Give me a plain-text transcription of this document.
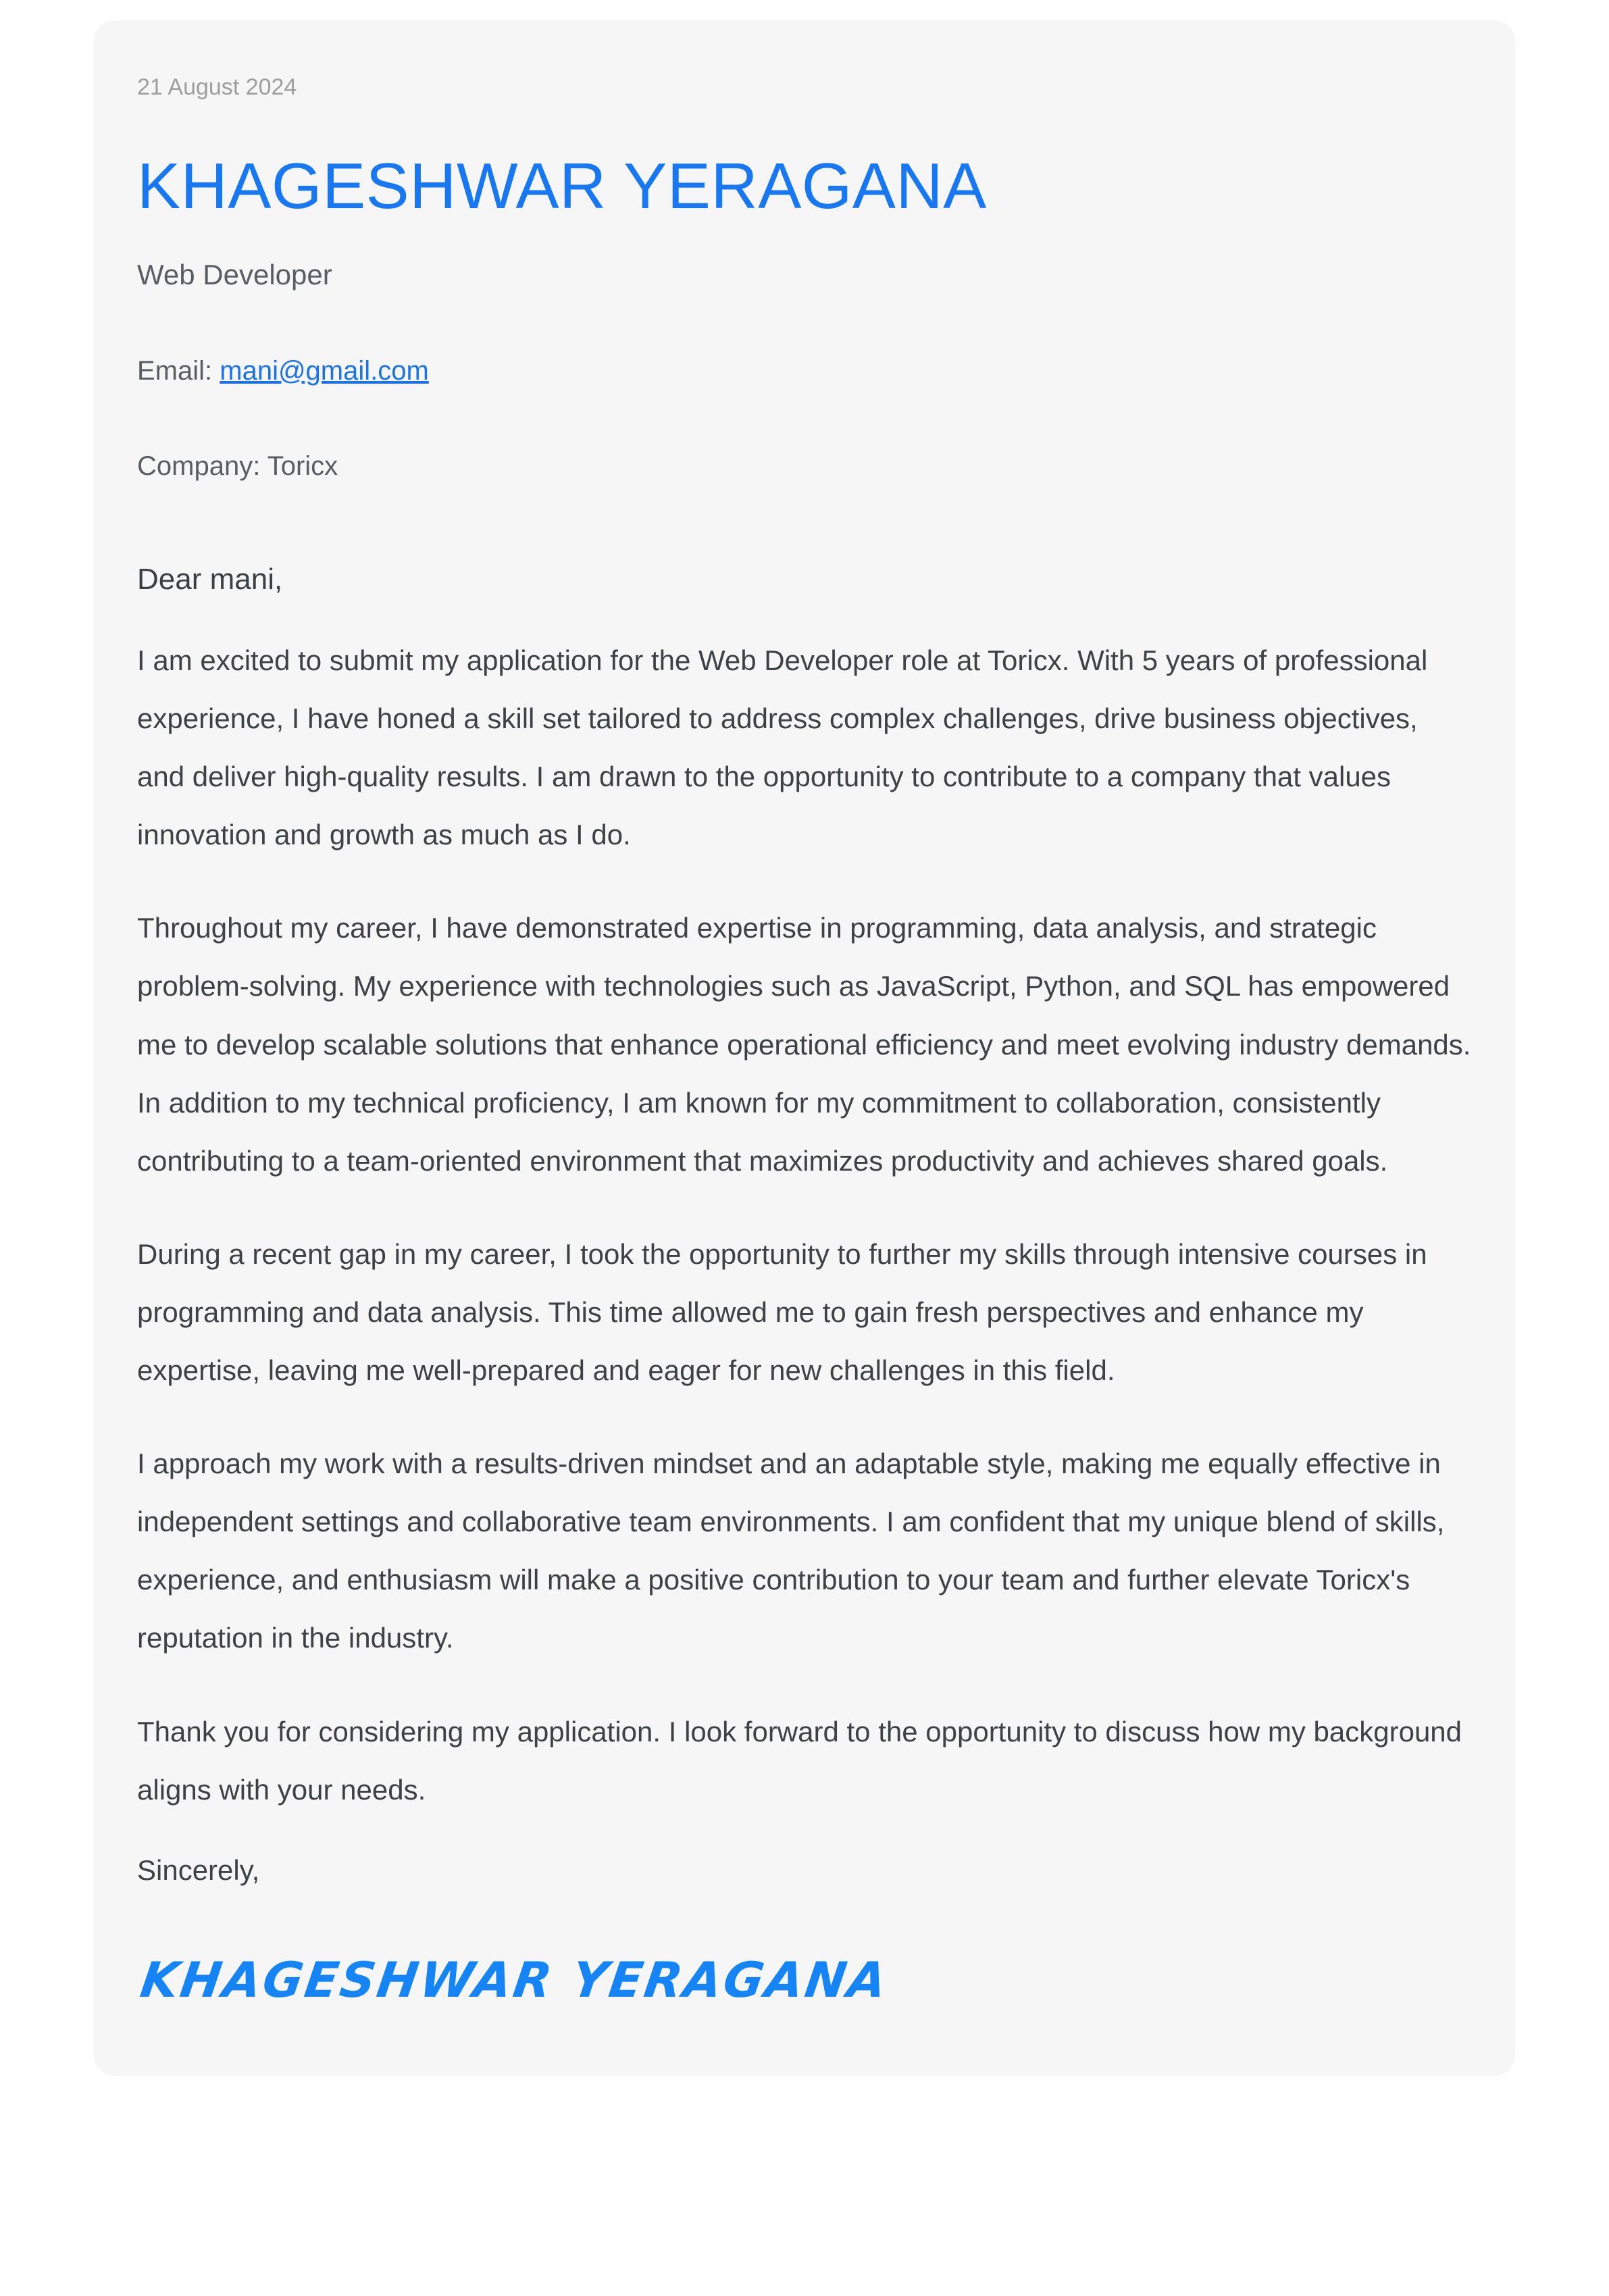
21 August 2024
KHAGESHWAR YERAGANA
Web Developer
Email: mani@gmail.com
Company: Toricx
Dear mani,

I am excited to submit my application for the Web Developer role at Toricx. With 5 years of professional experience, I have honed a skill set tailored to address complex challenges, drive business objectives, and deliver high-quality results. I am drawn to the opportunity to contribute to a company that values innovation and growth as much as I do.

Throughout my career, I have demonstrated expertise in programming, data analysis, and strategic problem-solving. My experience with technologies such as JavaScript, Python, and SQL has empowered me to develop scalable solutions that enhance operational efficiency and meet evolving industry demands. In addition to my technical proficiency, I am known for my commitment to collaboration, consistently contributing to a team-oriented environment that maximizes productivity and achieves shared goals.

During a recent gap in my career, I took the opportunity to further my skills through intensive courses in programming and data analysis. This time allowed me to gain fresh perspectives and enhance my expertise, leaving me well-prepared and eager for new challenges in this field.

I approach my work with a results-driven mindset and an adaptable style, making me equally effective in independent settings and collaborative team environments. I am confident that my unique blend of skills, experience, and enthusiasm will make a positive contribution to your team and further elevate Toricx's reputation in the industry.

Thank you for considering my application. I look forward to the opportunity to discuss how my background aligns with your needs.

Sincerely,
KHAGESHWAR YERAGANA
